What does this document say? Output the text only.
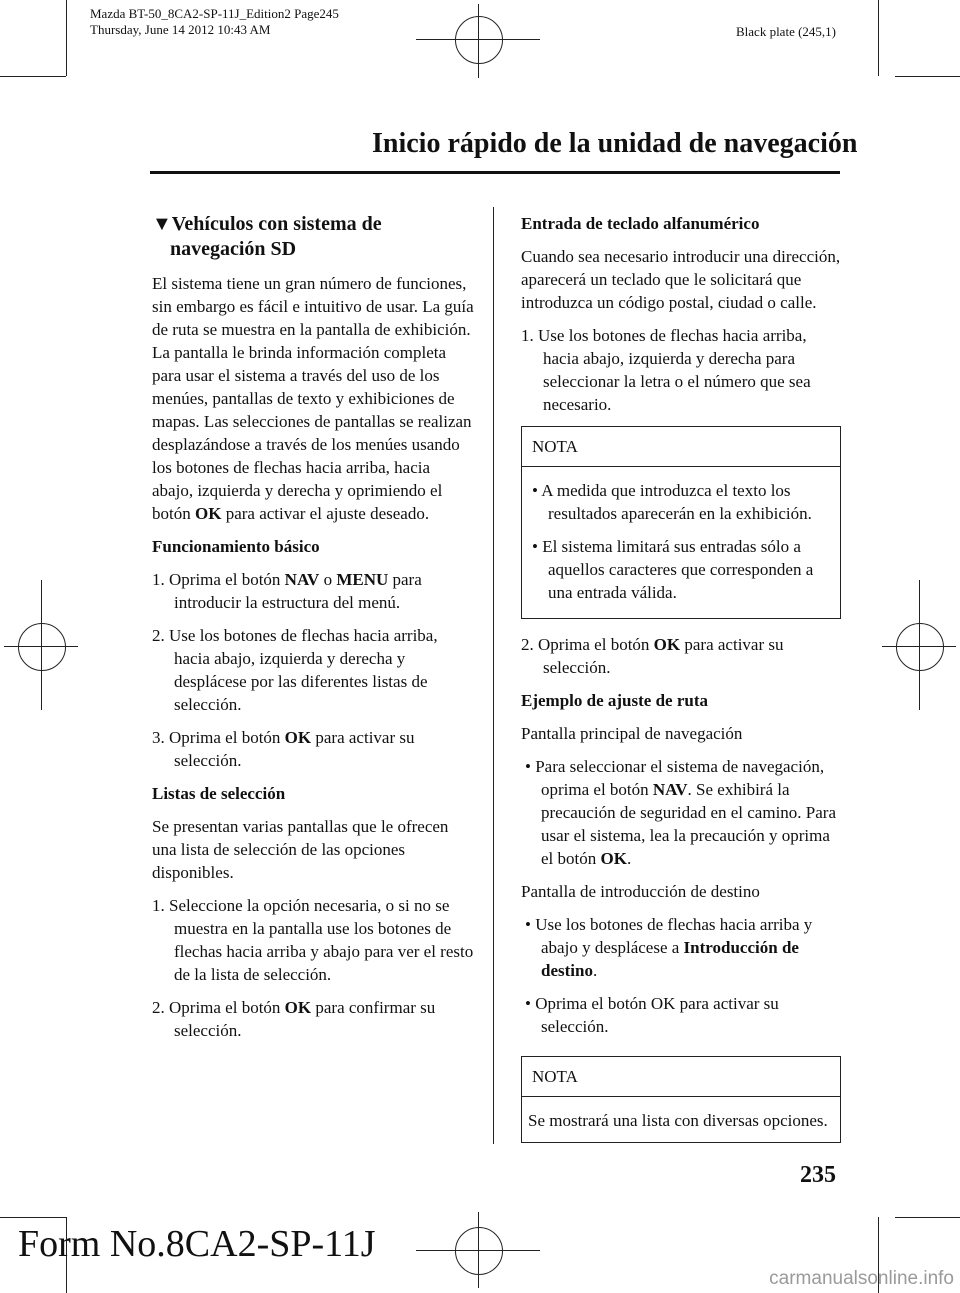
Mazda BT-50_8CA2-SP-11J_Edition2 Page245
Thursday, June 14 2012 10:43 AM	Black plate (245,1)
Inicio rápido de la unidad de navegación
▼Vehículos con sistema de navegación SD

El sistema tiene un gran número de funciones, sin embargo es fácil e intuitivo de usar. La guía de ruta se muestra en la pantalla de exhibición. La pantalla le brinda información completa para usar el sistema a través del uso de los menúes, pantallas de texto y exhibiciones de mapas. Las selecciones de pantallas se realizan desplazándose a través de los menúes usando los botones de flechas hacia arriba, hacia abajo, izquierda y derecha y oprimiendo el botón OK para activar el ajuste deseado.

Funcionamiento básico

1. Oprima el botón NAV o MENU para introducir la estructura del menú.

2. Use los botones de flechas hacia arriba, hacia abajo, izquierda y derecha y desplácese por las diferentes listas de selección.

3. Oprima el botón OK para activar su selección.

Listas de selección

Se presentan varias pantallas que le ofrecen una lista de selección de las opciones disponibles.

1. Seleccione la opción necesaria, o si no se muestra en la pantalla use los botones de flechas hacia arriba y abajo para ver el resto de la lista de selección.

2. Oprima el botón OK para confirmar su selección.

Entrada de teclado alfanumérico

Cuando sea necesario introducir una dirección, aparecerá un teclado que le solicitará que introduzca un código postal, ciudad o calle.

1. Use los botones de flechas hacia arriba, hacia abajo, izquierda y derecha para seleccionar la letra o el número que sea necesario.

NOTA

• A medida que introduzca el texto los resultados aparecerán en la exhibición.

• El sistema limitará sus entradas sólo a aquellos caracteres que corresponden a una entrada válida.

2. Oprima el botón OK para activar su selección.

Ejemplo de ajuste de ruta

Pantalla principal de navegación

• Para seleccionar el sistema de navegación, oprima el botón NAV. Se exhibirá la precaución de seguridad en el camino. Para usar el sistema, lea la precaución y oprima el botón OK.

Pantalla de introducción de destino

• Use los botones de flechas hacia arriba y abajo y desplácese a Introducción de destino.

• Oprima el botón OK para activar su selección.

NOTA
Se mostrará una lista con diversas opciones.
235
Form No.8CA2-SP-11J
carmanualsonline.info
